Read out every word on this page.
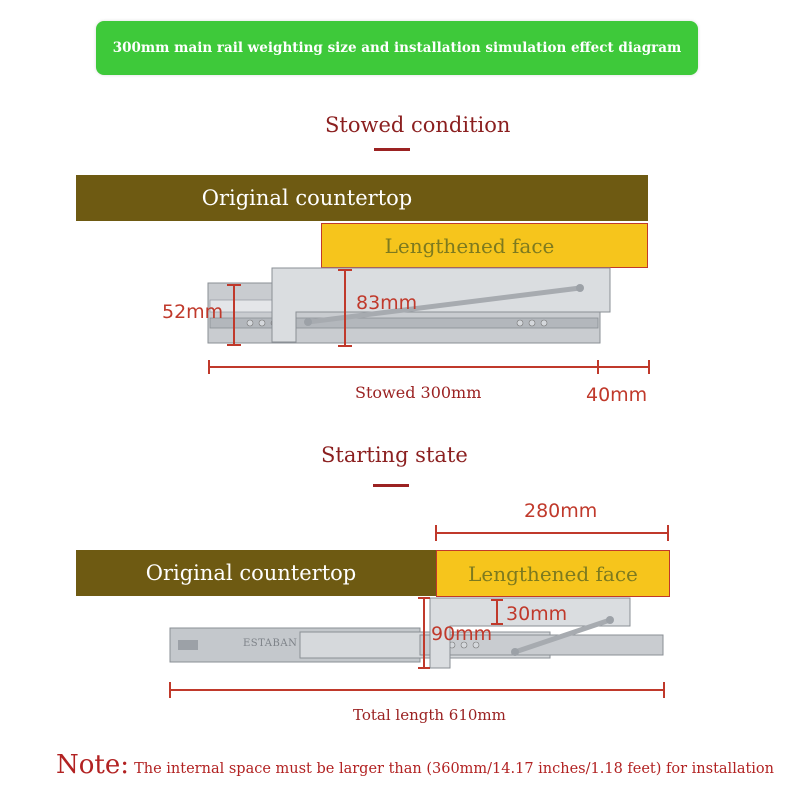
300mm main rail weighting size and installation simulation effect diagram
Stowed condition
Original countertop
Lengthened face
52mm	83mm
Stowed 300mm	40mm
Starting state
Original countertop	Lengthened face
280mm
30mm
90mm
ESTABAN
Total length 610mm
Note: The internal space must be larger than (360mm/14.17 inches/1.18 feet) for installation
